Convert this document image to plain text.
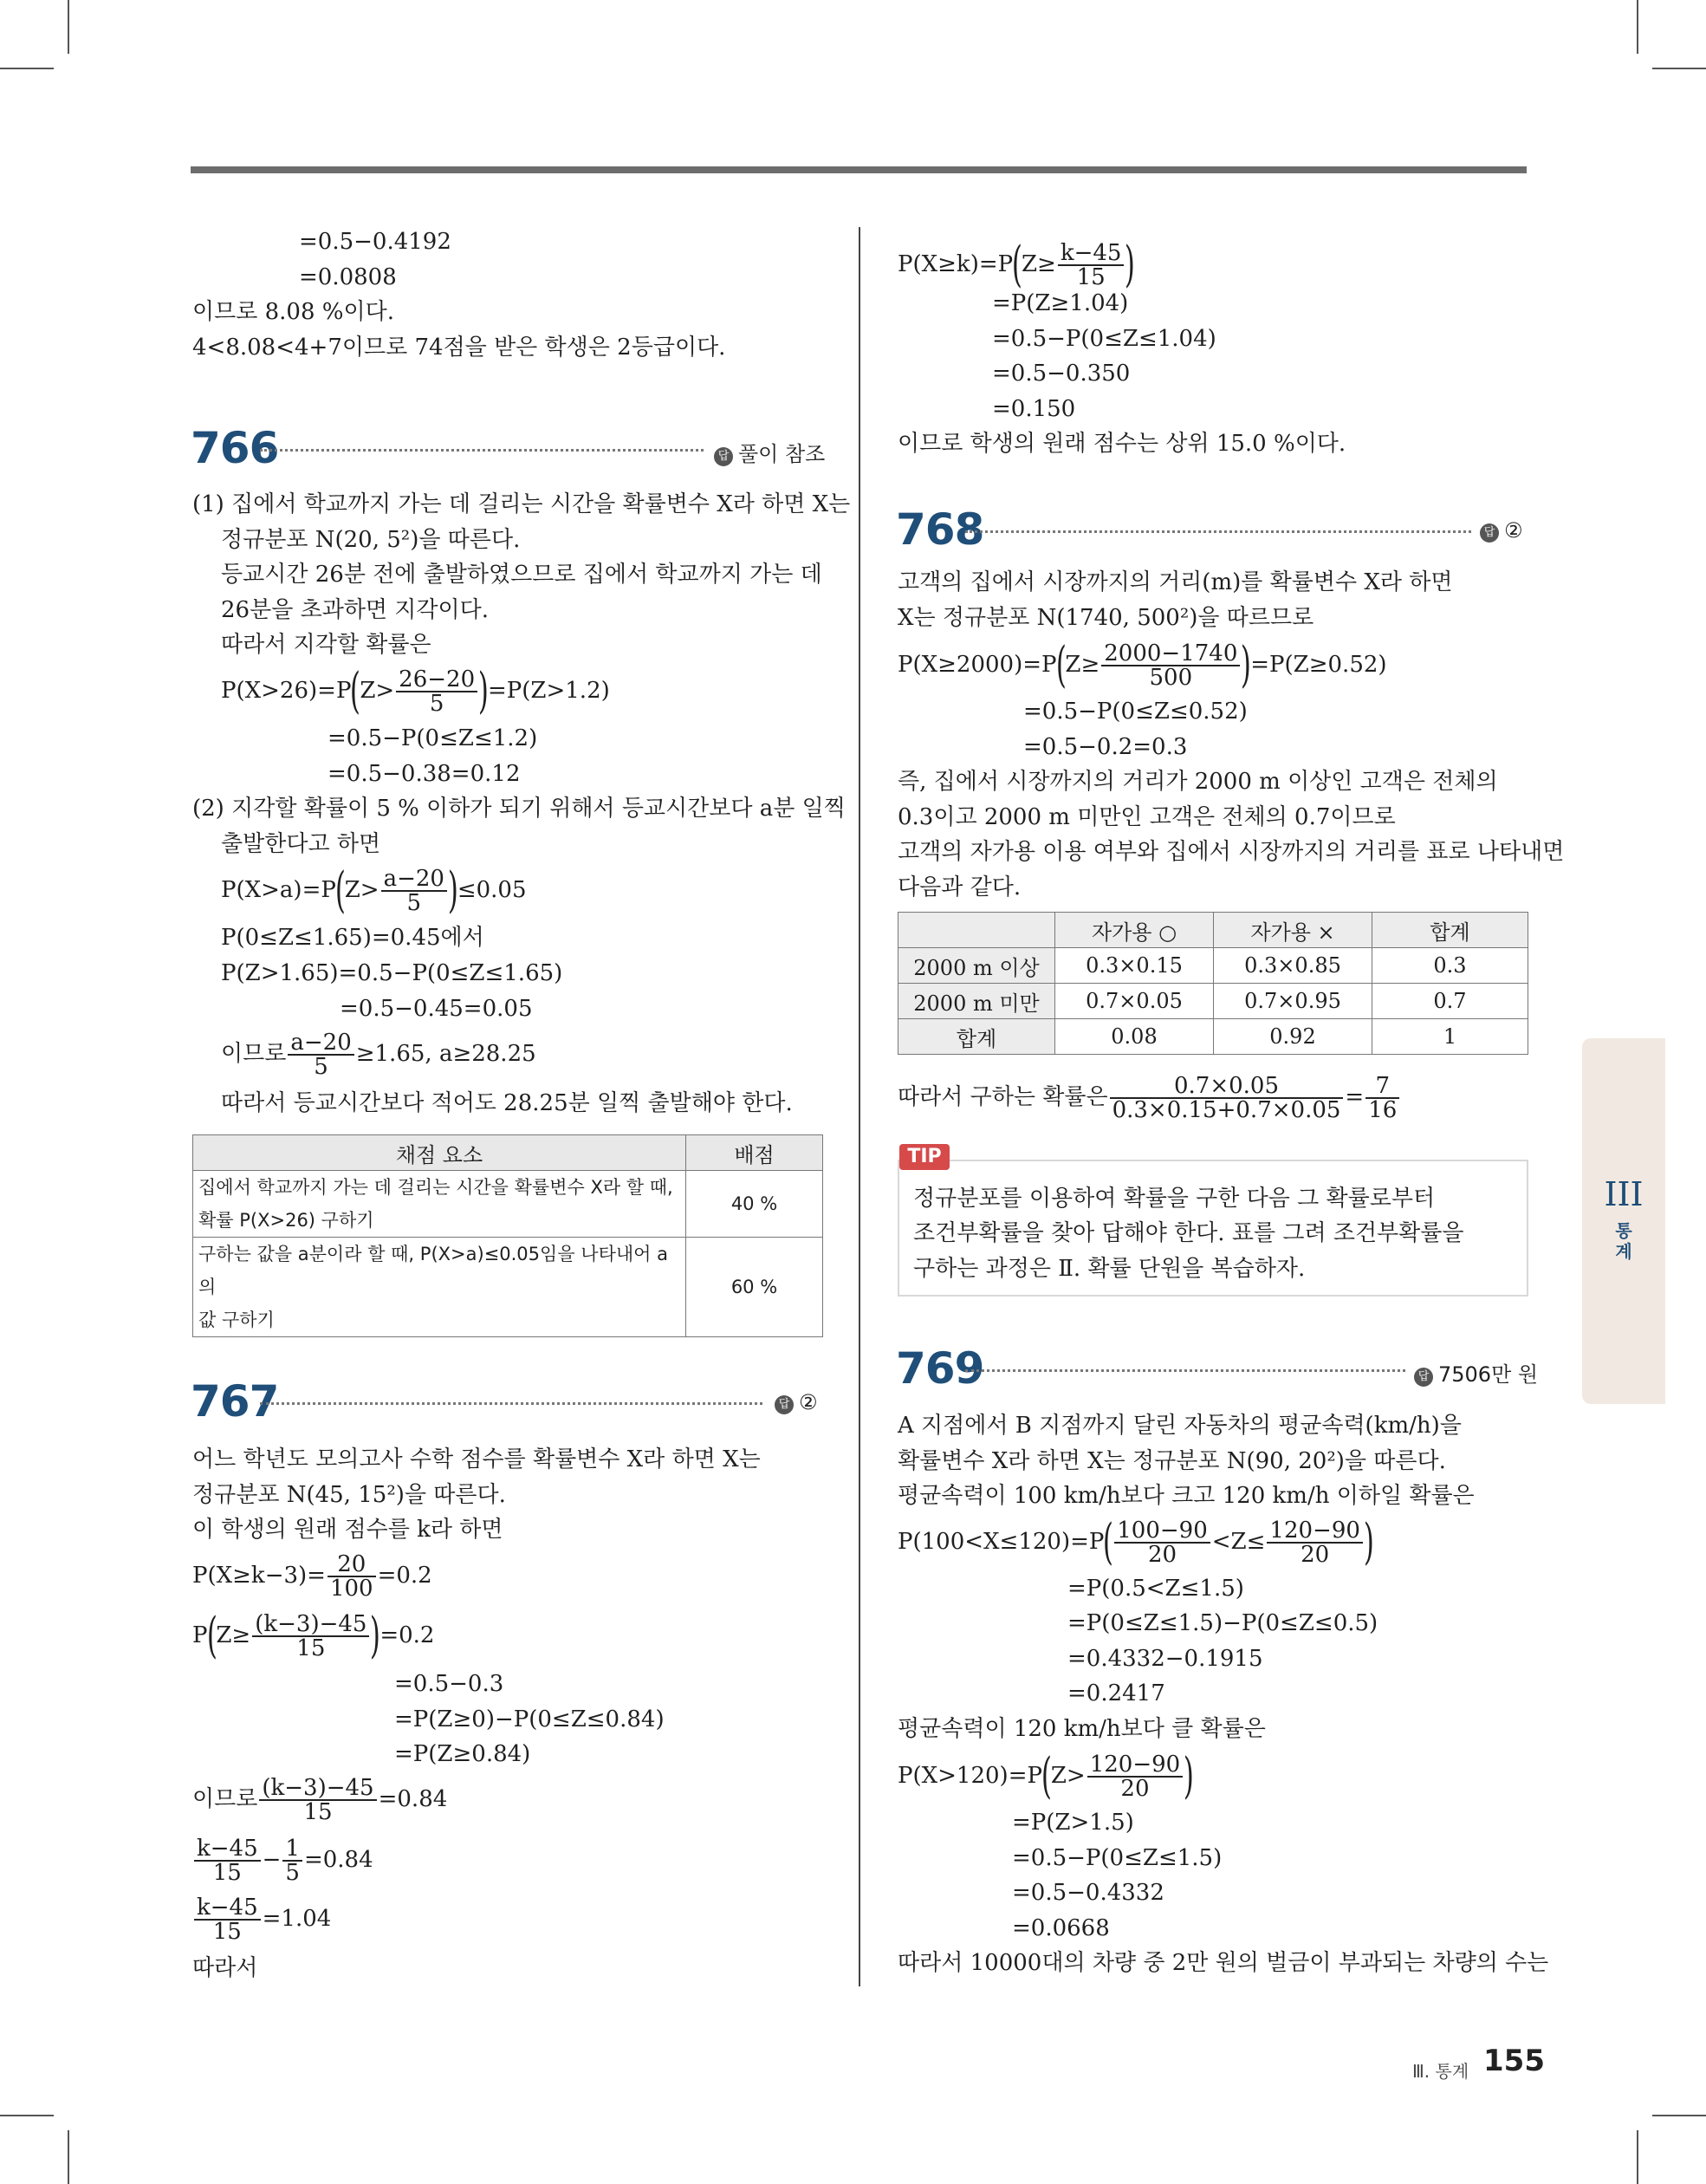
=0.5−0.4192
=0.0808
이므로 8.08 %이다.
4<8.08<4+7이므로 74점을 받은 학생은 2등급이다.
766	답 풀이 참조
(1) 집에서 학교까지 가는 데 걸리는 시간을 확률변수 X라 하면 X는
정규분포 N(20, 5²)을 따른다.
등교시간 26분 전에 출발하였으므로 집에서 학교까지 가는 데
26분을 초과하면 지각이다.
따라서 지각할 확률은
$P(X>26)=P(Z> \frac{26-20}{5} )=P(Z>1.2)$
=0.5−P(0≤Z≤1.2)
=0.5−0.38=0.12
(2) 지각할 확률이 5 % 이하가 되기 위해서 등교시간보다 a분 일찍
출발한다고 하면
$P(X>a)=P(Z> \frac{a-20}{5} )\le 0.05$
P(0≤Z≤1.65)=0.45에서
P(Z>1.65)=0.5−P(0≤Z≤1.65)
=0.5−0.45=0.05
이므로 $\frac{a-20}{5} \ge 1.65$, a≥28.25
따라서 등교시간보다 적어도 28.25분 일찍 출발해야 한다.
채점 요소	배점
집에서 학교까지 가는 데 걸리는 시간을 확률변수 X라 할 때,
확률 P(X>26) 구하기	40 %
구하는 값을 a분이라 할 때, P(X>a)≤0.05임을 나타내어 a의
값 구하기	60 %
767	답 ②
어느 학년도 모의고사 수학 점수를 확률변수 X라 하면 X는
정규분포 N(45, 15²)을 따른다.
이 학생의 원래 점수를 k라 하면
$P(X\ge k-3)= \frac{20}{100} =0.2$
$P(Z\ge \frac{(k-3)-45}{15} )=0.2$
=0.5−0.3
=P(Z≥0)−P(0≤Z≤0.84)
=P(Z≥0.84)
이므로 $\frac{(k-3)-45}{15} =0.84$
$\frac{k-45}{15} - \frac{1}{5} =0.84$
$\frac{k-45}{15} =1.04$
따라서
$P(X\ge k)=P(Z\ge \frac{k-45}{15}$ )
=P(Z≥1.04)
=0.5−P(0≤Z≤1.04)
=0.5−0.350
=0.150
이므로 학생의 원래 점수는 상위 15.0 %이다.
768	답 ②
고객의 집에서 시장까지의 거리(m)를 확률변수 X라 하면
X는 정규분포 N(1740, 500²)을 따르므로
$P(X\ge 2000)=P(Z\ge \frac{2000-1740}{500} )=P(Z\ge 0.52)$
=0.5−P(0≤Z≤0.52)
=0.5−0.2=0.3
즉, 집에서 시장까지의 거리가 2000 m 이상인 고객은 전체의
0.3이고 2000 m 미만인 고객은 전체의 0.7이므로
고객의 자가용 이용 여부와 집에서 시장까지의 거리를 표로 나타내면
다음과 같다.
	자가용 ○	자가용 ×	합계
2000 m 이상	0.3×0.15	0.3×0.85	0.3
2000 m 미만	0.7×0.05	0.7×0.95	0.7
합계	0.08	0.92	1
따라서 구하는 확률은 $\frac{0.7\times 0.05}{0.3\times 0.15+0.7\times 0.05} = \frac{7}{16}$
TIP
정규분포를 이용하여 확률을 구한 다음 그 확률로부터
조건부확률을 찾아 답해야 한다. 표를 그려 조건부확률을
구하는 과정은 Ⅱ. 확률 단원을 복습하자.
769	답 7506만 원
A 지점에서 B 지점까지 달린 자동차의 평균속력(km/h)을
확률변수 X라 하면 X는 정규분포 N(90, 20²)을 따른다.
평균속력이 100 km/h보다 크고 120 km/h 이하일 확률은
$P(100<X\le 120)=P( \frac{100-90}{20} <Z\le \frac{120-90}{20}$ )
=P(0.5<Z≤1.5)
=P(0≤Z≤1.5)−P(0≤Z≤0.5)
=0.4332−0.1915
=0.2417
평균속력이 120 km/h보다 클 확률은
$P(X>120)=P(Z> \frac{120-90}{20}$ )
=P(Z>1.5)
=0.5−P(0≤Z≤1.5)
=0.5−0.4332
=0.0668
따라서 10000대의 차량 중 2만 원의 벌금이 부과되는 차량의 수는
III
통
계
Ⅲ. 통계 155
